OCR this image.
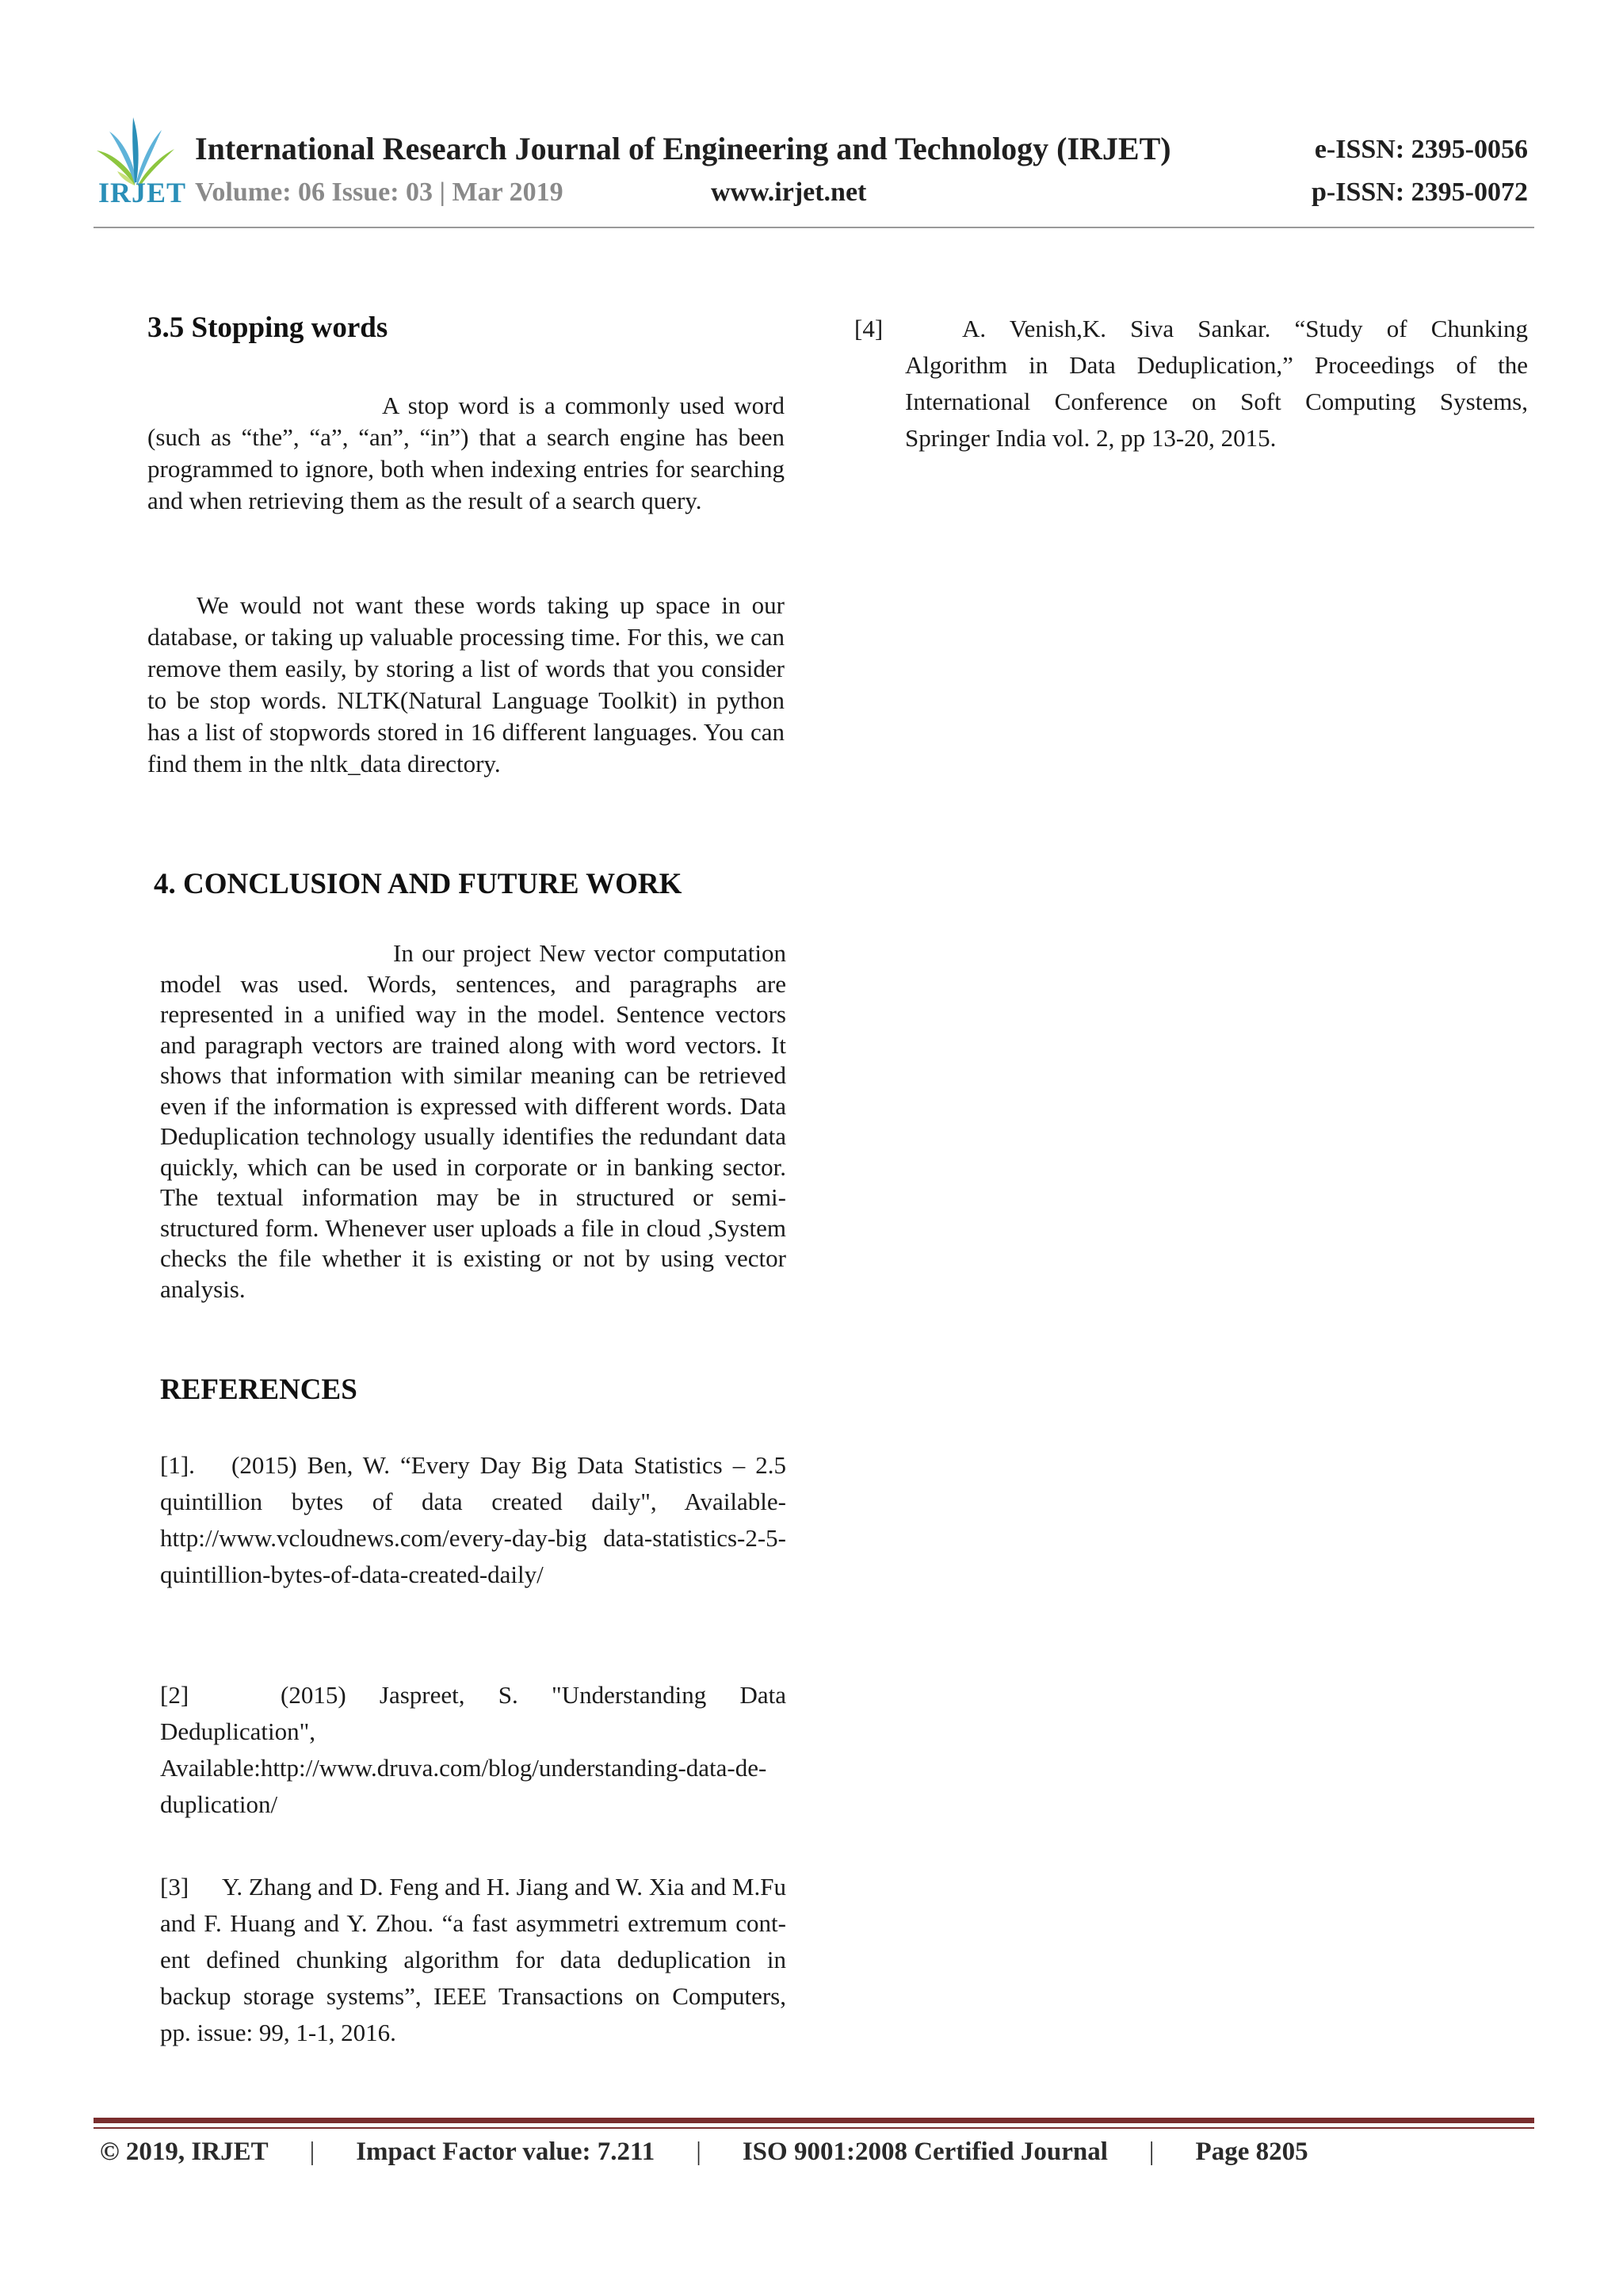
IRJET
International Research Journal of Engineering and Technology (IRJET)	e-ISSN: 2395-0056
Volume: 06 Issue: 03 | Mar 2019	www.irjet.net	p-ISSN: 2395-0072
3.5 Stopping words
A stop word is a commonly used word (such as “the”, “a”, “an”, “in”) that a search engine has been programmed to ignore, both when indexing entries for searching and when retrieving them as the result of a search query.
We would not want these words taking up space in our database, or taking up valuable processing time. For this, we can remove them easily, by storing a list of words that you consider to be stop words. NLTK(Natural Language Toolkit) in python has a list of stopwords stored in 16 different languages. You can find them in the nltk_data directory.
4. CONCLUSION AND FUTURE WORK
In our project New vector computation model was used. Words, sentences, and paragraphs are represented in a unified way in the model. Sentence vectors and paragraph vectors are trained along with word vectors. It shows that information with similar meaning can be retrieved even if the information is expressed with different words. Data Deduplication technology usually identifies the redundant data quickly, which can be used in corporate or in banking sector. The textual information may be in structured or semi-structured form. Whenever user uploads a file in cloud ,System checks the file whether it is existing or not by using vector analysis.
REFERENCES
[1]. (2015) Ben, W. “Every Day Big Data Statistics – 2.5 quintillion bytes of data created daily", Available-http://www.vcloudnews.com/every-day-big data-statistics-2-5-quintillion-bytes-of-data-created-daily/
[2]	(2015) Jaspreet, S. "Understanding Data Deduplication", Available:http://www.druva.com/blog/understanding-data-de-duplication/
[3] Y. Zhang and D. Feng and H. Jiang and W. Xia and M.Fu and F. Huang and Y. Zhou. “a fast asymmetri extremum cont-ent defined chunking algorithm for data deduplication in backup storage systems”, IEEE Transactions on Computers, pp. issue: 99, 1-1, 2016.
[4]	A. Venish,K. Siva Sankar. “Study of Chunking Algorithm in Data Deduplication,” Proceedings of the International Conference on Soft Computing Systems, Springer India vol. 2, pp 13-20, 2015.
© 2019, IRJET | Impact Factor value: 7.211 | ISO 9001:2008 Certified Journal | Page 8205
